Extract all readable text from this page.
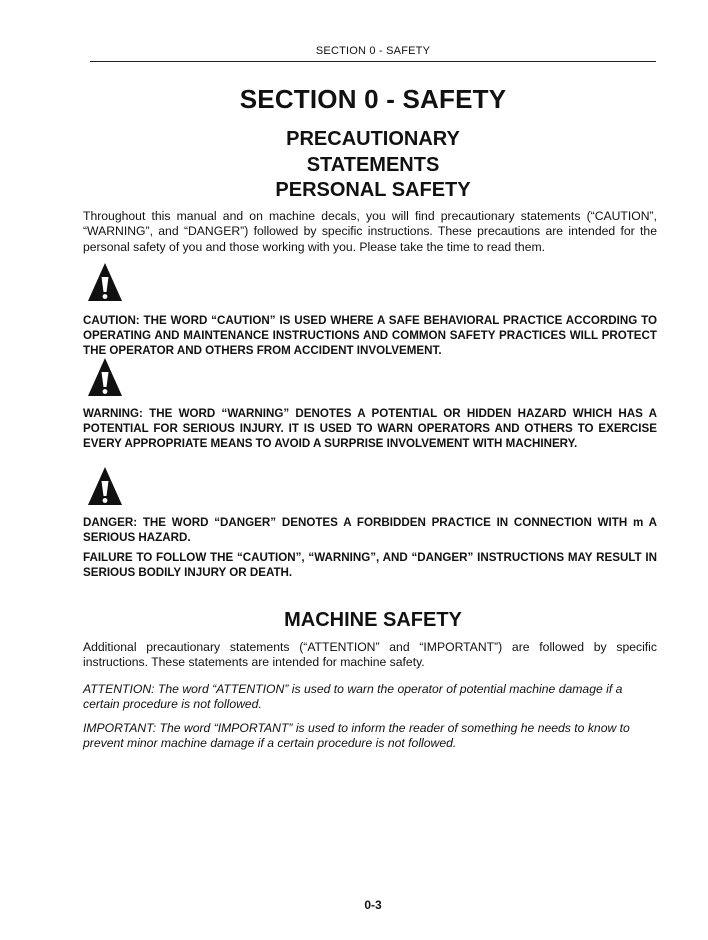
SECTION 0 - SAFETY
SECTION 0 - SAFETY
PRECAUTIONARY
STATEMENTS
PERSONAL SAFETY
Throughout this manual and on machine decals, you will find precautionary statements (“CAUTION”, “WARNING”, and “DANGER”) followed by specific instructions. These precautions are intended for the personal safety of you and those working with you. Please take the time to read them.
CAUTION: THE WORD “CAUTION” IS USED WHERE A SAFE BEHAVIORAL PRACTICE ACCORDING TO OPERATING AND MAINTENANCE INSTRUCTIONS AND COMMON SAFETY PRACTICES WILL PROTECT THE OPERATOR AND OTHERS FROM ACCIDENT INVOLVEMENT.
WARNING: THE WORD “WARNING” DENOTES A POTENTIAL OR HIDDEN HAZARD WHICH HAS A POTENTIAL FOR SERIOUS INJURY. IT IS USED TO WARN OPERATORS AND OTHERS TO EXERCISE EVERY APPROPRIATE MEANS TO AVOID A SURPRISE INVOLVEMENT WITH MACHINERY.
DANGER: THE WORD “DANGER” DENOTES A FORBIDDEN PRACTICE IN CONNECTION WITH m A SERIOUS HAZARD.
FAILURE TO FOLLOW THE “CAUTION”, “WARNING”, AND “DANGER” INSTRUCTIONS MAY RESULT IN SERIOUS BODILY INJURY OR DEATH.
MACHINE SAFETY
Additional precautionary statements (“ATTENTION” and “IMPORTANT”) are followed by specific instructions. These statements are intended for machine safety.
ATTENTION: The word “ATTENTION” is used to warn the operator of potential machine damage if a certain procedure is not followed.
IMPORTANT: The word “IMPORTANT” is used to inform the reader of something he needs to know to prevent minor machine damage if a certain procedure is not followed.
0-3
